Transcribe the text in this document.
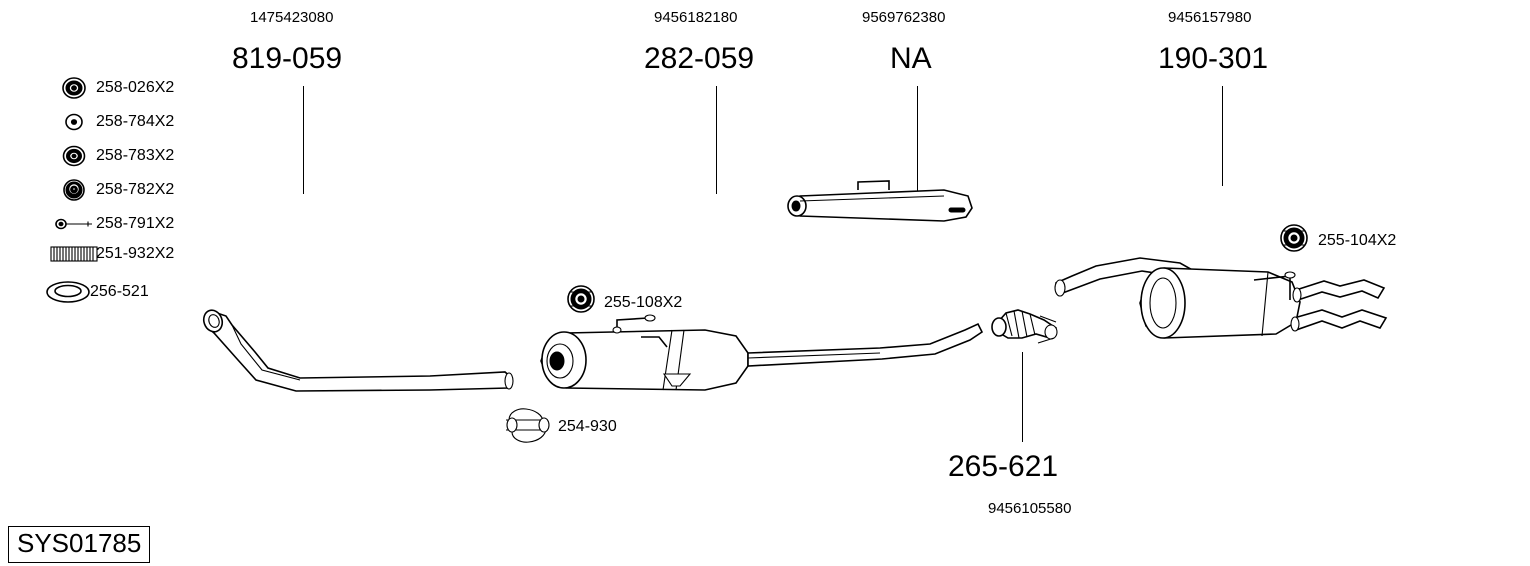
1475423080	9456182180	9569762380	9456157980
819-059	282-059	NA	190-301
258-026X2
258-784X2
258-783X2
258-782X2
258-791X2
251-932X2
256-521
255-108X2
254-930
255-104X2
265-621
9456105580
SYS01785
